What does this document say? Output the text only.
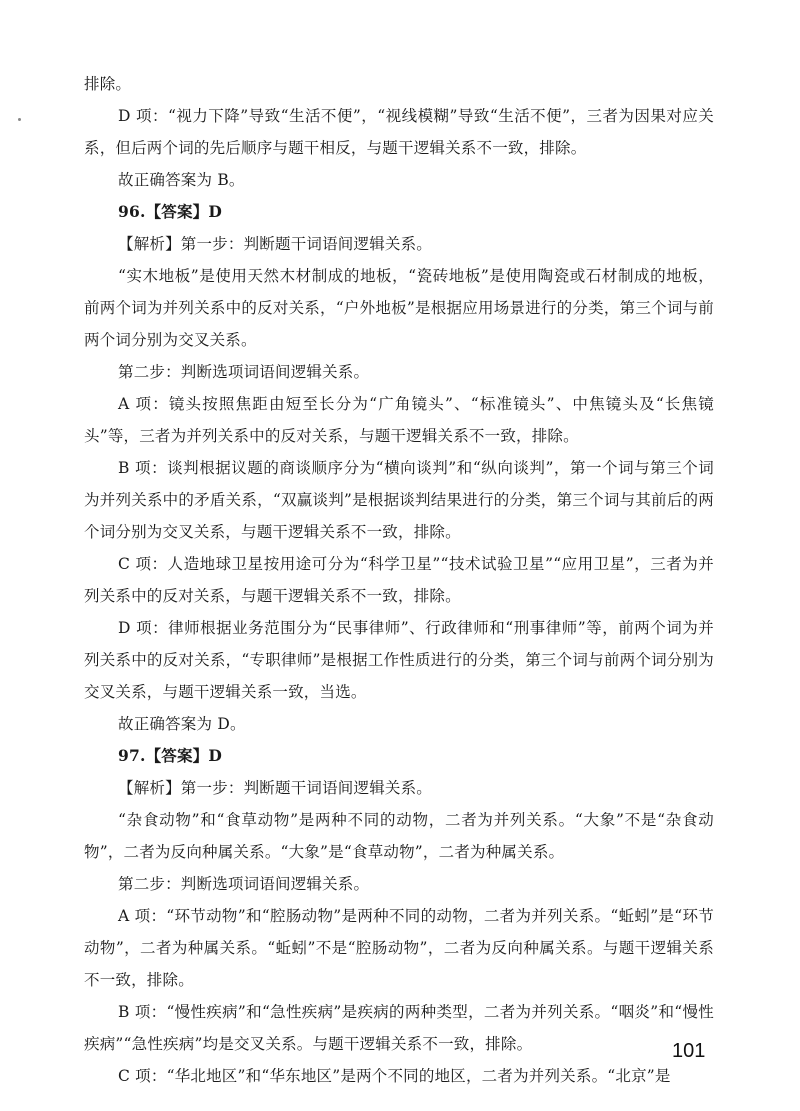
排除。

D 项：“视力下降”导致“生活不便”，“视线模糊”导致“生活不便”，三者为因果对应关系，但后两个词的先后顺序与题干相反，与题干逻辑关系不一致，排除。

故正确答案为 B。

96.【答案】D

【解析】第一步：判断题干词语间逻辑关系。

“实木地板”是使用天然木材制成的地板，“瓷砖地板”是使用陶瓷或石材制成的地板，前两个词为并列关系中的反对关系，“户外地板”是根据应用场景进行的分类，第三个词与前两个词分别为交叉关系。

第二步：判断选项词语间逻辑关系。

A 项：镜头按照焦距由短至长分为“广角镜头”、“标准镜头”、中焦镜头及“长焦镜头”等，三者为并列关系中的反对关系，与题干逻辑关系不一致，排除。

B 项：谈判根据议题的商谈顺序分为“横向谈判”和“纵向谈判”，第一个词与第三个词为并列关系中的矛盾关系，“双赢谈判”是根据谈判结果进行的分类，第三个词与其前后的两个词分别为交叉关系，与题干逻辑关系不一致，排除。

C 项：人造地球卫星按用途可分为“科学卫星”“技术试验卫星”“应用卫星”，三者为并列关系中的反对关系，与题干逻辑关系不一致，排除。

D 项：律师根据业务范围分为“民事律师”、行政律师和“刑事律师”等，前两个词为并列关系中的反对关系，“专职律师”是根据工作性质进行的分类，第三个词与前两个词分别为交叉关系，与题干逻辑关系一致，当选。

故正确答案为 D。

97.【答案】D

【解析】第一步：判断题干词语间逻辑关系。

“杂食动物”和“食草动物”是两种不同的动物，二者为并列关系。“大象”不是“杂食动物”，二者为反向种属关系。“大象”是“食草动物”，二者为种属关系。

第二步：判断选项词语间逻辑关系。

A 项：“环节动物”和“腔肠动物”是两种不同的动物，二者为并列关系。“蚯蚓”是“环节动物”，二者为种属关系。“蚯蚓”不是“腔肠动物”，二者为反向种属关系。与题干逻辑关系不一致，排除。

B 项：“慢性疾病”和“急性疾病”是疾病的两种类型，二者为并列关系。“咽炎”和“慢性疾病”“急性疾病”均是交叉关系。与题干逻辑关系不一致，排除。

C 项：“华北地区”和“华东地区”是两个不同的地区，二者为并列关系。“北京”是

101
